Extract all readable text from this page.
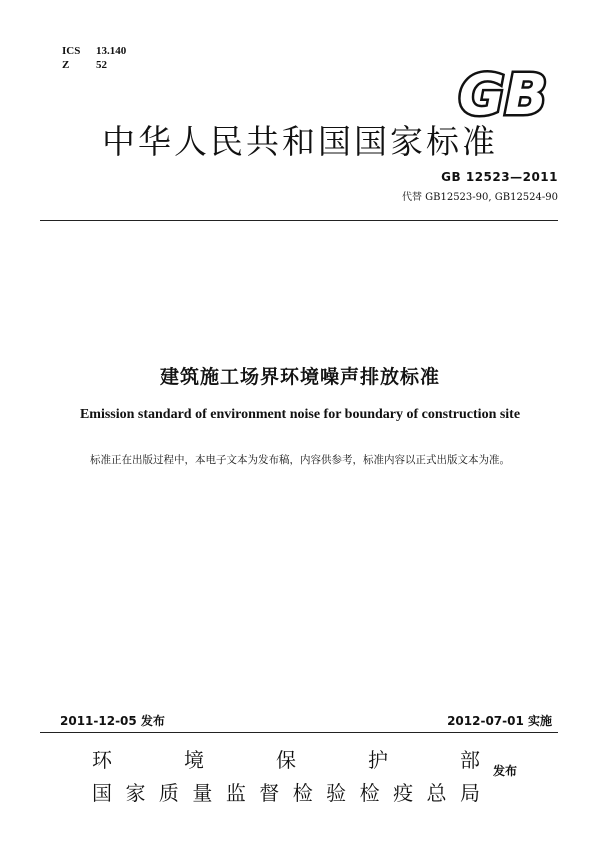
ICS 13.140
Z 52	GB
中华人民共和国国家标准
GB 12523—2011
代替 GB12523-90, GB12524-90
建筑施工场界环境噪声排放标准
Emission standard of environment noise for boundary of construction site
标准正在出版过程中，本电子文本为发布稿，内容供参考，标准内容以正式出版文本为准。
2011-12-05 发布	2012-07-01 实施
环	境	保	护	部
国 家 质 量 监 督 检 验 检 疫 总 局
发布
